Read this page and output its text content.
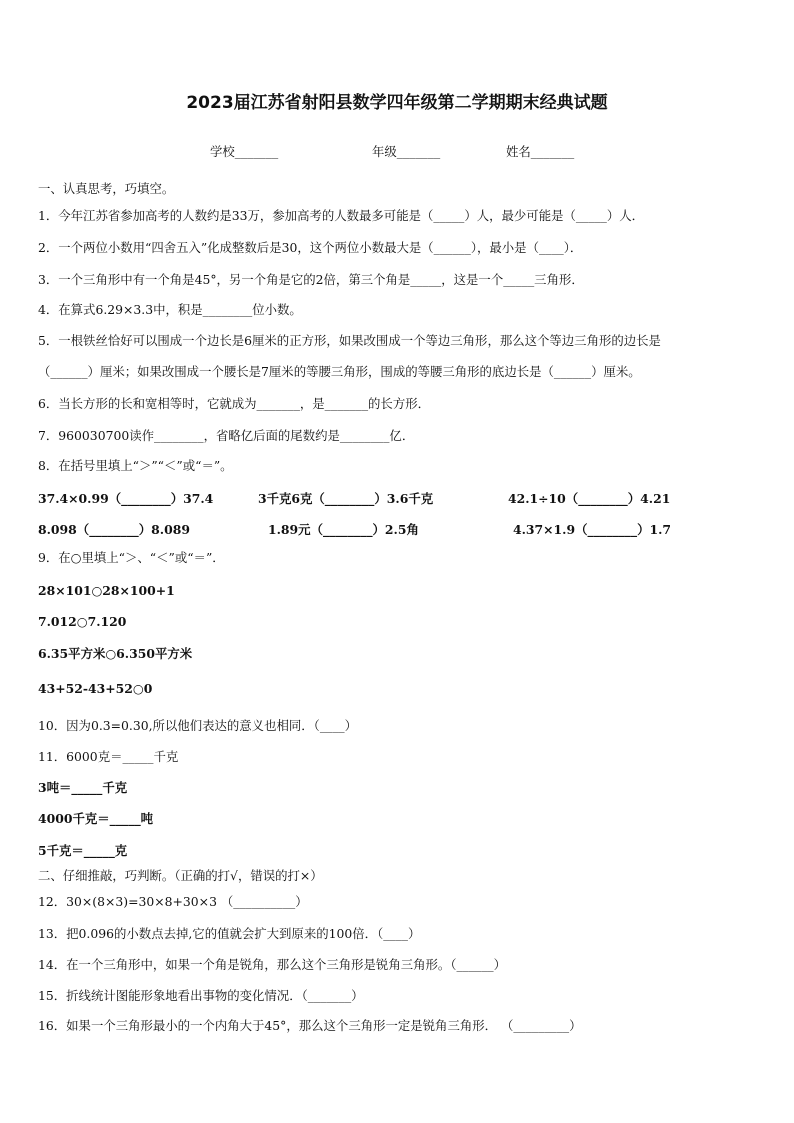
2023届江苏省射阳县数学四年级第二学期期末经典试题
学校_______	年级_______	姓名_______
一、认真思考，巧填空。
1．今年江苏省参加高考的人数约是33万，参加高考的人数最多可能是（_____）人，最少可能是（_____）人．
2．一个两位小数用“四舍五入”化成整数后是30，这个两位小数最大是（______），最小是（____）．
3．一个三角形中有一个角是45°，另一个角是它的2倍，第三个角是_____，这是一个_____三角形．
4．在算式6.29×3.3中，积是________位小数。
5．一根铁丝恰好可以围成一个边长是6厘米的正方形，如果改围成一个等边三角形，那么这个等边三角形的边长是
（______）厘米；如果改围成一个腰长是7厘米的等腰三角形，围成的等腰三角形的底边长是（______）厘米。
6．当长方形的长和宽相等时，它就成为_______，是_______的长方形．
7．960030700读作________，省略亿后面的尾数约是________亿．
8．在括号里填上“＞”“＜”或“＝”。
37.4×0.99（________）37.4	3千克6克（________）3.6千克	42.1÷10（________）4.21
8.098（________）8.089	1.89元（________）2.5角	4.37×1.9（________）1.7
9．在○里填上“＞、“＜”或“＝”．
28×101○28×100+1
7.012○7.120
6.35平方米○6.350平方米
43+52-43+52○0
10．因为0.3=0.30,所以他们表达的意义也相同．（____）
11．6000克＝_____千克
3吨＝_____千克
4000千克＝_____吨
5千克＝_____克
二、仔细推敲，巧判断。（正确的打√，错误的打×）
12．30×(8×3)=30×8+30×3 （__________）
13．把0.096的小数点去掉,它的值就会扩大到原来的100倍．（____）
14．在一个三角形中，如果一个角是锐角，那么这个三角形是锐角三角形。（______）
15．折线统计图能形象地看出事物的变化情况．（_______）
16．如果一个三角形最小的一个内角大于45°，那么这个三角形一定是锐角三角形． （_________）
